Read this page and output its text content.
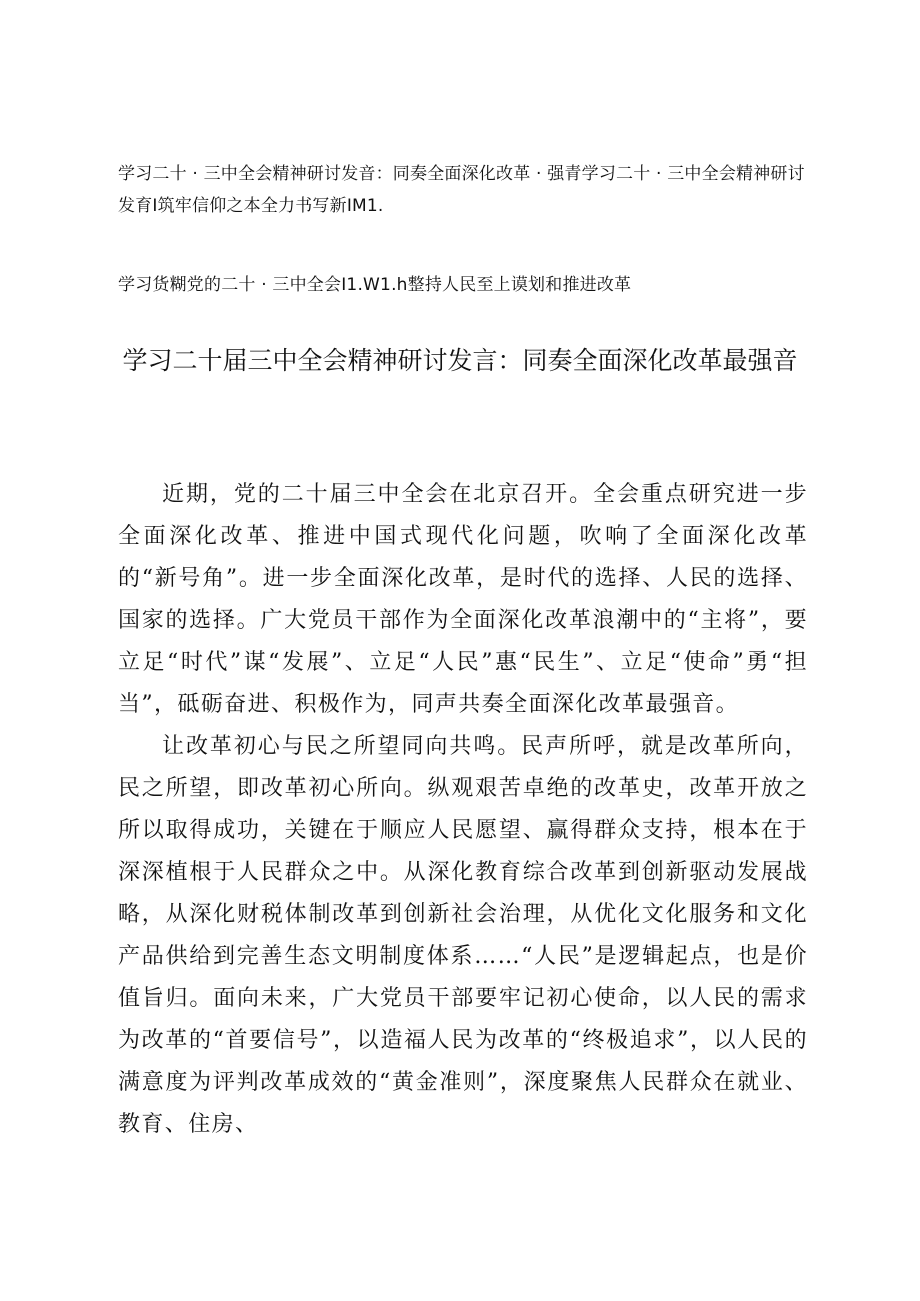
学习二十 · 三中全会精神研讨发音：同奏全面深化改革 · 强青学习二十 · 三中全会精神研讨发育I筑牢信仰之本全力书写新IM1.
学习货糊党的二十 · 三中全会I1.W1.h整持人民至上谟划和推进改革
学习二十届三中全会精神研讨发言：同奏全面深化改革最强音

近期，党的二十届三中全会在北京召开。全会重点研究进一步全面深化改革、推进中国式现代化问题，吹响了全面深化改革的“新号角”。进一步全面深化改革，是时代的选择、人民的选择、国家的选择。广大党员干部作为全面深化改革浪潮中的“主将”，要立足“时代”谋“发展”、立足“人民”惠“民生”、立足“使命”勇“担当”，砥砺奋进、积极作为，同声共奏全面深化改革最强音。

让改革初心与民之所望同向共鸣。民声所呼，就是改革所向，民之所望，即改革初心所向。纵观艰苦卓绝的改革史，改革开放之所以取得成功，关键在于顺应人民愿望、赢得群众支持，根本在于深深植根于人民群众之中。从深化教育综合改革到创新驱动发展战略，从深化财税体制改革到创新社会治理，从优化文化服务和文化产品供给到完善生态文明制度体系……“人民”是逻辑起点，也是价值旨归。面向未来，广大党员干部要牢记初心使命，以人民的需求为改革的“首要信号”，以造福人民为改革的“终极追求”，以人民的满意度为评判改革成效的“黄金准则”，深度聚焦人民群众在就业、教育、住房、
